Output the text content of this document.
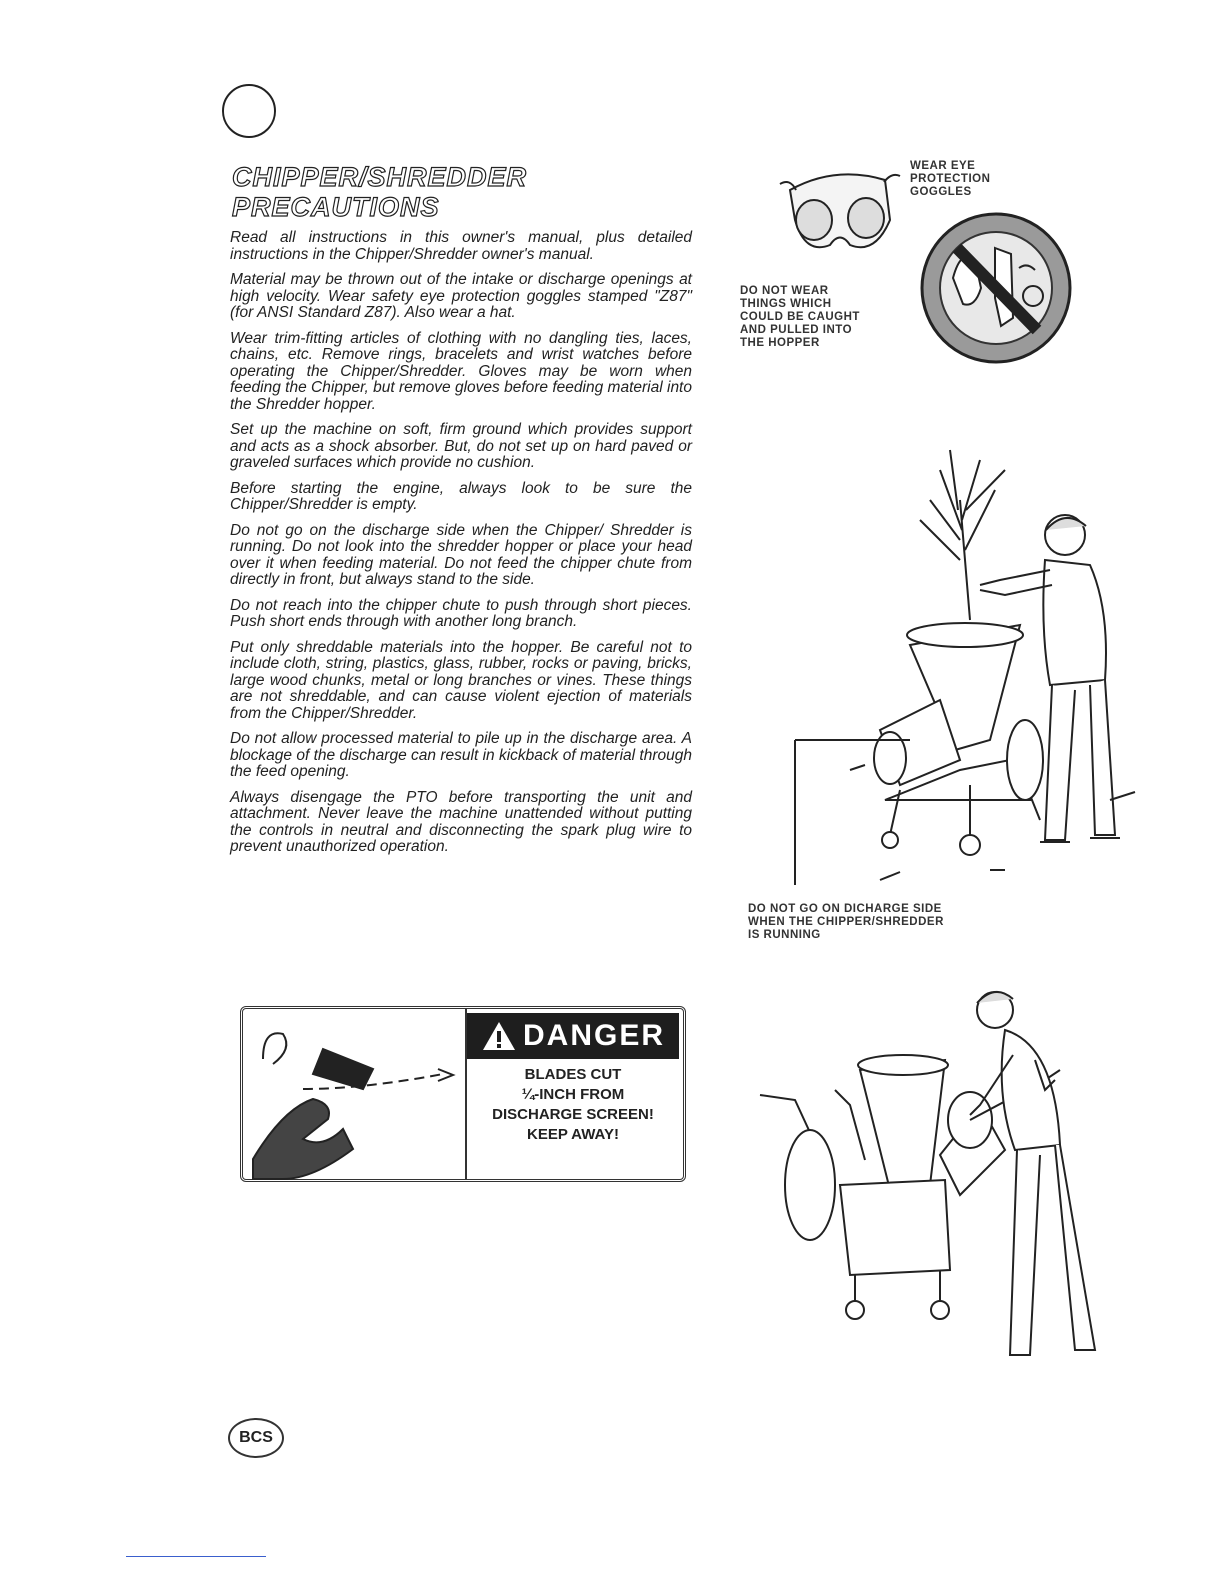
CHIPPER/SHREDDER
PRECAUTIONS

Read all instructions in this owner's manual, plus detailed instructions in the Chipper/Shredder owner's manual.

Material may be thrown out of the intake or discharge openings at high velocity. Wear safety eye protection goggles stamped "Z87" (for ANSI Standard Z87). Also wear a hat.

Wear trim-fitting articles of clothing with no dangling ties, laces, chains, etc. Remove rings, bracelets and wrist watches before operating the Chipper/Shredder. Gloves may be worn when feeding the Chipper, but remove gloves before feeding material into the Shredder hopper.

Set up the machine on soft, firm ground which provides support and acts as a shock absorber. But, do not set up on hard paved or graveled surfaces which provide no cushion.

Before starting the engine, always look to be sure the Chipper/Shredder is empty.

Do not go on the discharge side when the Chipper/ Shredder is running. Do not look into the shredder hopper or place your head over it when feeding material. Do not feed the chipper chute from directly in front, but always stand to the side.

Do not reach into the chipper chute to push through short pieces. Push short ends through with another long branch.

Put only shreddable materials into the hopper. Be careful not to include cloth, string, plastics, glass, rubber, rocks or paving, bricks, large wood chunks, metal or long branches or vines. These things are not shreddable, and can cause violent ejection of materials from the Chipper/Shredder.

Do not allow processed material to pile up in the discharge area. A blockage of the discharge can result in kickback of material through the feed opening.

Always disengage the PTO before transporting the unit and attachment. Never leave the machine unattended without putting the controls in neutral and disconnecting the spark plug wire to prevent unauthorized operation.

WEAR EYE
PROTECTION
GOGGLES
DO NOT WEAR
THINGS WHICH
COULD BE CAUGHT
AND PULLED INTO
THE HOPPER
DO NOT GO ON DICHARGE SIDE
WHEN THE CHIPPER/SHREDDER
IS RUNNING
DANGER
BLADES CUT
¼-INCH FROM
DISCHARGE SCREEN!
KEEP AWAY!
BCS
